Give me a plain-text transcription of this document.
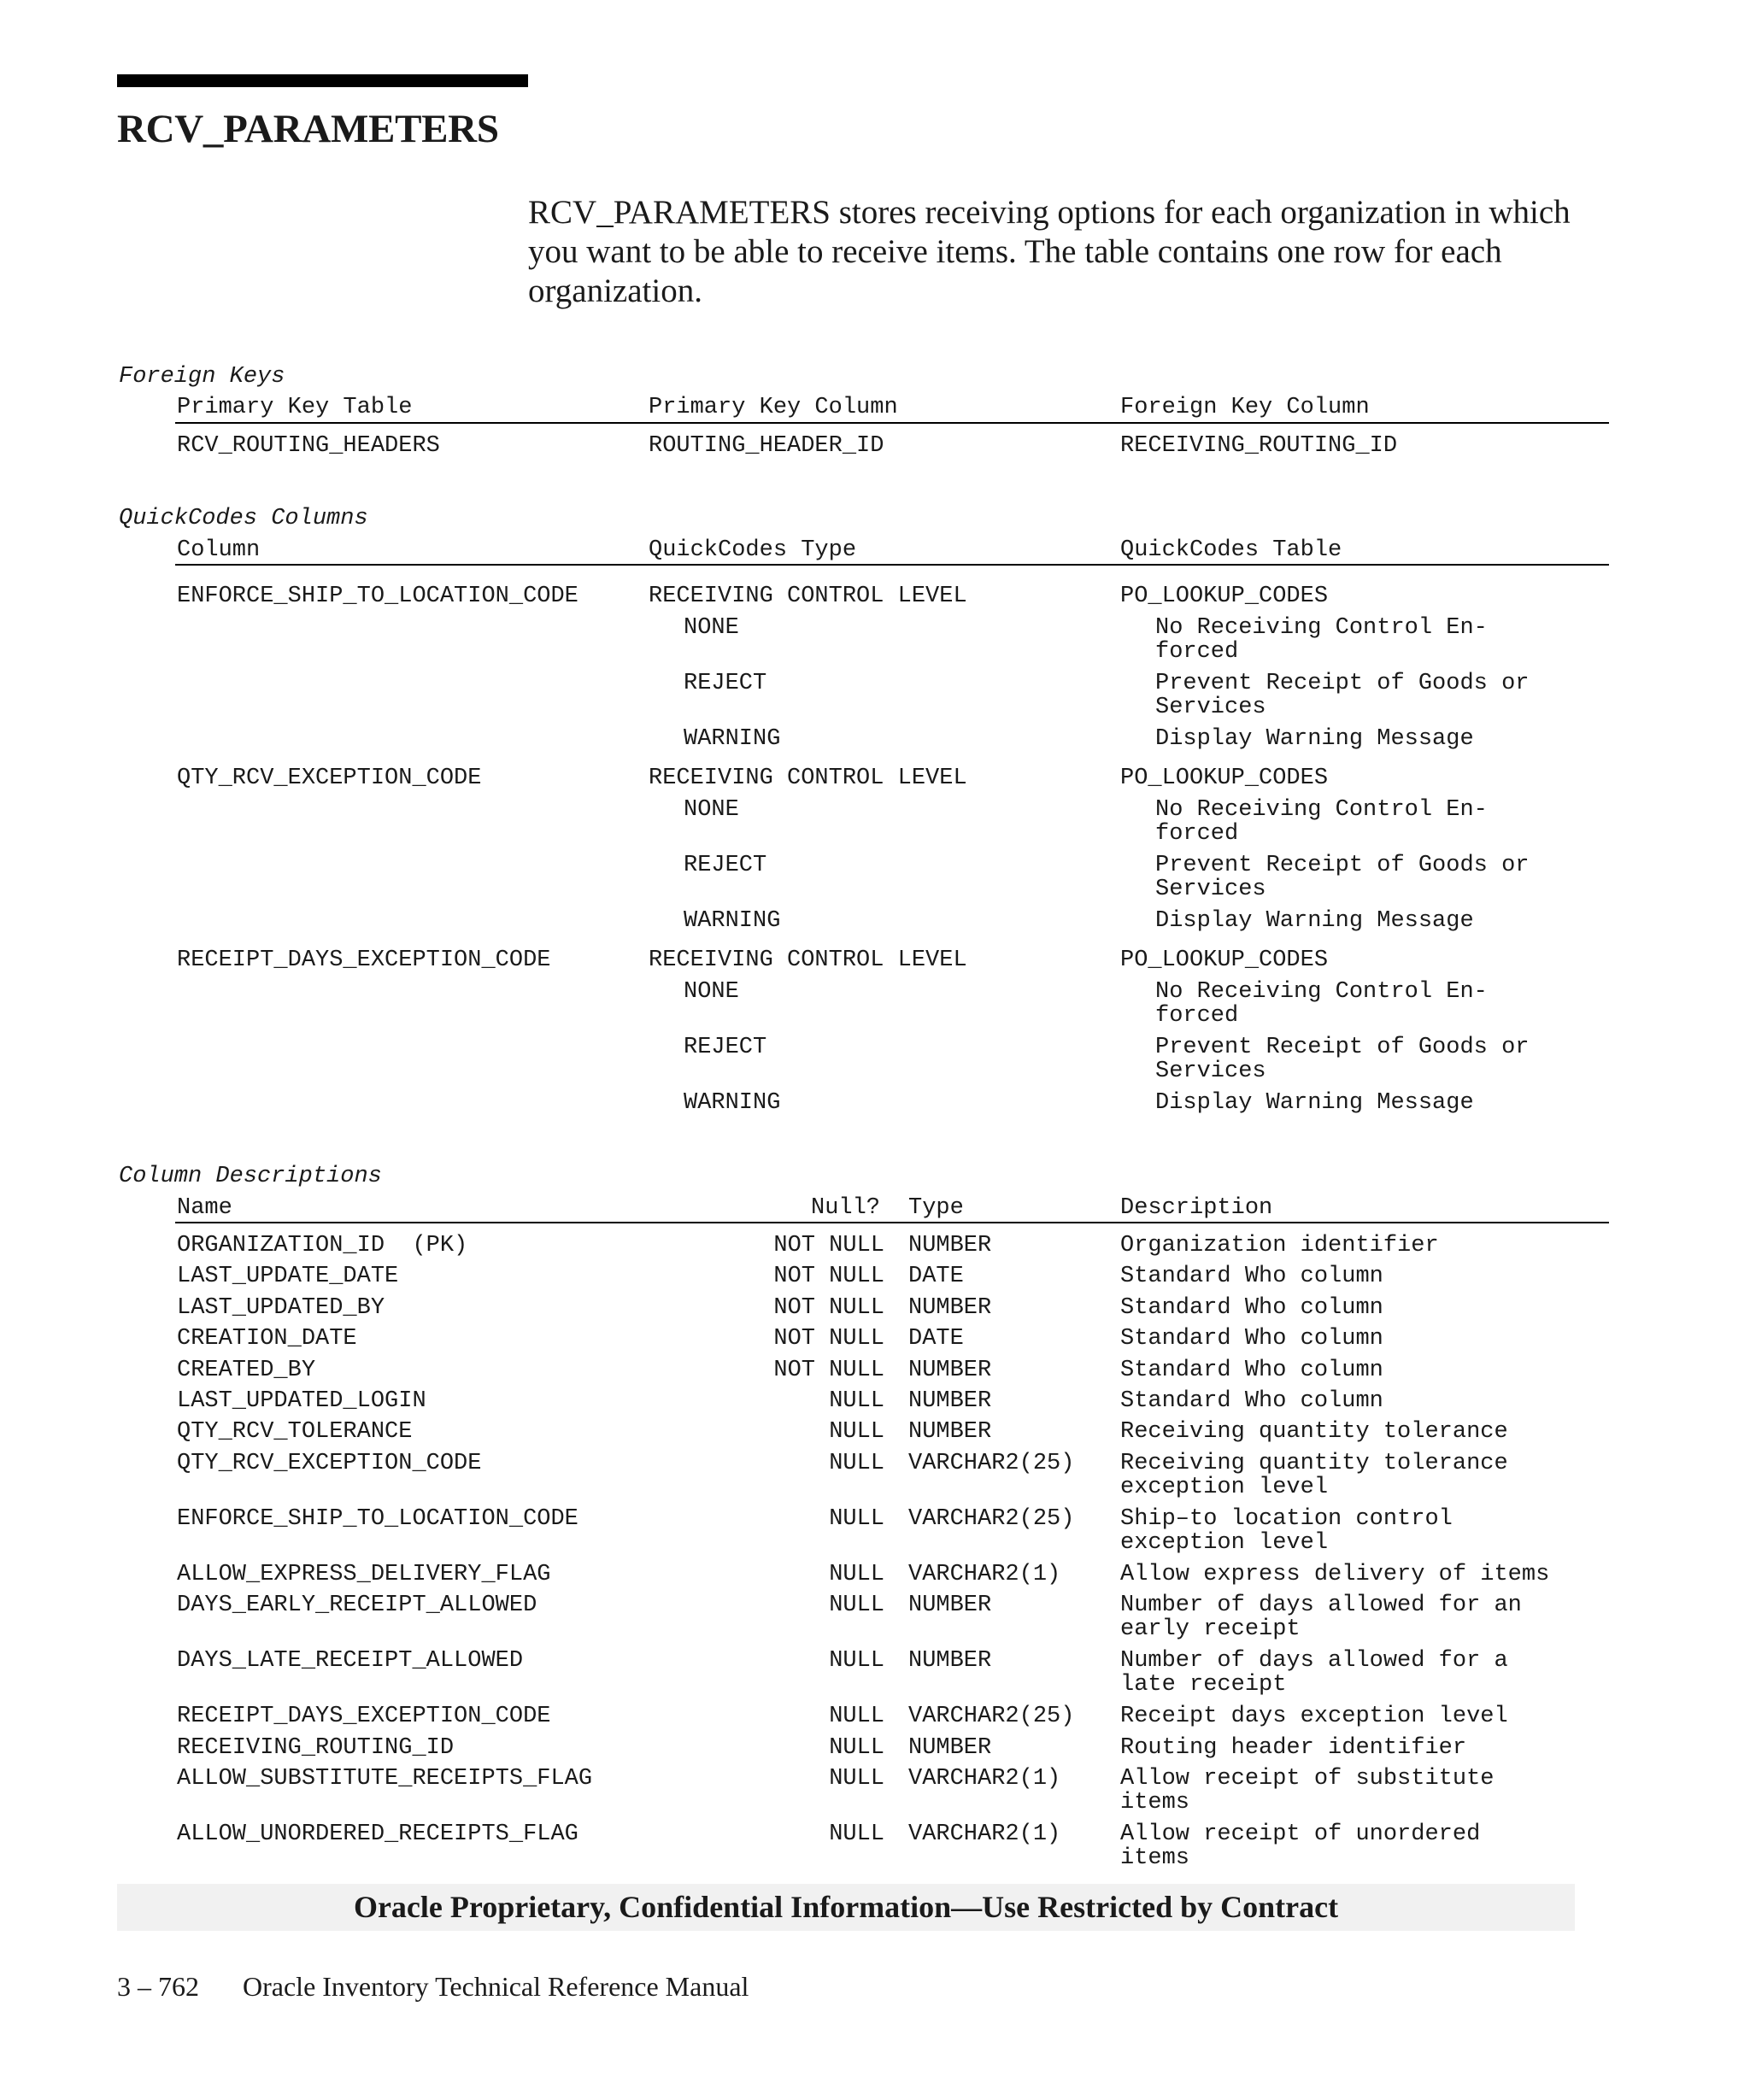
RCV_PARAMETERS
RCV_PARAMETERS stores receiving options for each organization in which you want to be able to receive items. The table contains one row for each organization.
Foreign Keys
Primary Key Table	Primary Key Column	Foreign Key Column
RCV_ROUTING_HEADERS	ROUTING_HEADER_ID	RECEIVING_ROUTING_ID
QuickCodes Columns
Column	QuickCodes Type	QuickCodes Table
ENFORCE_SHIP_TO_LOCATION_CODE	RECEIVING CONTROL LEVEL	PO_LOOKUP_CODES
NONE	No Receiving Control En-
forced
REJECT	Prevent Receipt of Goods or
Services
WARNING	Display Warning Message
QTY_RCV_EXCEPTION_CODE	RECEIVING CONTROL LEVEL	PO_LOOKUP_CODES
NONE	No Receiving Control En-
forced
REJECT	Prevent Receipt of Goods or
Services
WARNING	Display Warning Message
RECEIPT_DAYS_EXCEPTION_CODE	RECEIVING CONTROL LEVEL	PO_LOOKUP_CODES
NONE	No Receiving Control En-
forced
REJECT	Prevent Receipt of Goods or
Services
WARNING	Display Warning Message
Column Descriptions
Name	Null? Type	Description
ORGANIZATION_ID  (PK)	NOT NULL NUMBER	Organization identifier
LAST_UPDATE_DATE	NOT NULL DATE	Standard Who column
LAST_UPDATED_BY	NOT NULL NUMBER	Standard Who column
CREATION_DATE	NOT NULL DATE	Standard Who column
CREATED_BY	NOT NULL NUMBER	Standard Who column
LAST_UPDATED_LOGIN	NULL NUMBER	Standard Who column
QTY_RCV_TOLERANCE	NULL NUMBER	Receiving quantity tolerance
QTY_RCV_EXCEPTION_CODE	NULL VARCHAR2(25) Receiving quantity tolerance
exception level
ENFORCE_SHIP_TO_LOCATION_CODE	NULL VARCHAR2(25) Ship–to location control
exception level
ALLOW_EXPRESS_DELIVERY_FLAG	NULL VARCHAR2(1)	Allow express delivery of items
DAYS_EARLY_RECEIPT_ALLOWED	NULL NUMBER	Number of days allowed for an
early receipt
DAYS_LATE_RECEIPT_ALLOWED	NULL NUMBER	Number of days allowed for a
late receipt
RECEIPT_DAYS_EXCEPTION_CODE	NULL VARCHAR2(25) Receipt days exception level
RECEIVING_ROUTING_ID	NULL NUMBER	Routing header identifier
ALLOW_SUBSTITUTE_RECEIPTS_FLAG	NULL VARCHAR2(1)	Allow receipt of substitute
items
ALLOW_UNORDERED_RECEIPTS_FLAG	NULL VARCHAR2(1)	Allow receipt of unordered
items
Oracle Proprietary, Confidential Information––Use Restricted by Contract
3 – 762 Oracle Inventory Technical Reference Manual
